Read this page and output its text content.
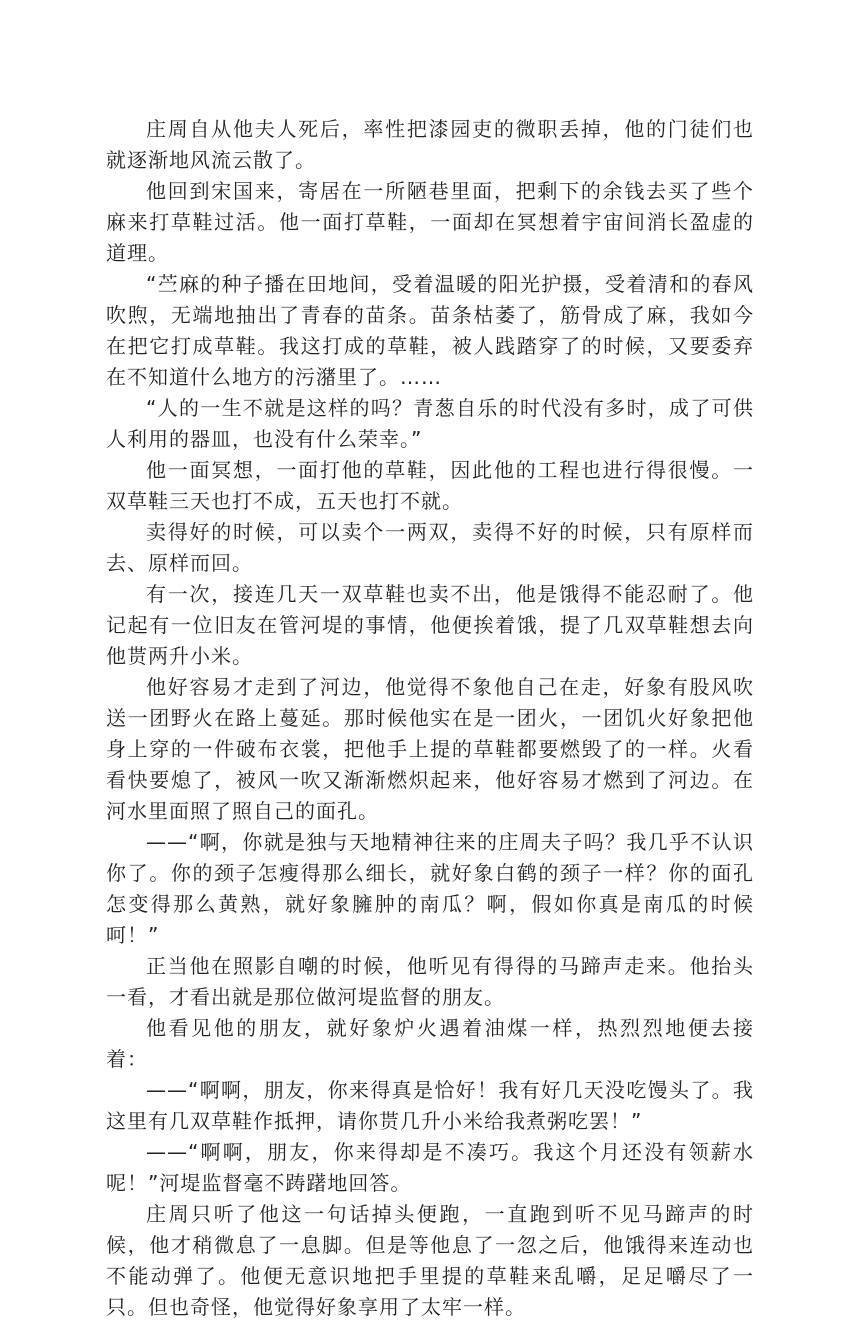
庄周自从他夫人死后，率性把漆园吏的微职丢掉，他的门徒们也就逐渐地风流云散了。

他回到宋国来，寄居在一所陋巷里面，把剩下的余钱去买了些个麻来打草鞋过活。他一面打草鞋，一面却在冥想着宇宙间消长盈虚的道理。

“苎麻的种子播在田地间，受着温暖的阳光护摄，受着清和的春风吹煦，无端地抽出了青春的苗条。苗条枯萎了，筋骨成了麻，我如今在把它打成草鞋。我这打成的草鞋，被人践踏穿了的时候，又要委弃在不知道什么地方的污潴里了。……

“人的一生不就是这样的吗？青葱自乐的时代没有多时，成了可供人利用的器皿，也没有什么荣幸。”

他一面冥想，一面打他的草鞋，因此他的工程也进行得很慢。一双草鞋三天也打不成，五天也打不就。

卖得好的时候，可以卖个一两双，卖得不好的时候，只有原样而去、原样而回。

有一次，接连几天一双草鞋也卖不出，他是饿得不能忍耐了。他记起有一位旧友在管河堤的事情，他便挨着饿，提了几双草鞋想去向他贳两升小米。

他好容易才走到了河边，他觉得不象他自己在走，好象有股风吹送一团野火在路上蔓延。那时候他实在是一团火，一团饥火好象把他身上穿的一件破布衣裳，把他手上提的草鞋都要燃毁了的一样。火看看快要熄了，被风一吹又渐渐燃炽起来，他好容易才燃到了河边。在河水里面照了照自己的面孔。

——“啊，你就是独与天地精神往来的庄周夫子吗？我几乎不认识你了。你的颈子怎瘦得那么细长，就好象白鹤的颈子一样？你的面孔怎变得那么黄熟，就好象臃肿的南瓜？啊，假如你真是南瓜的时候呵！”

正当他在照影自嘲的时候，他听见有得得的马蹄声走来。他抬头一看，才看出就是那位做河堤监督的朋友。

他看见他的朋友，就好象炉火遇着油煤一样，热烈烈地便去接着：

——“啊啊，朋友，你来得真是恰好！我有好几天没吃馒头了。我这里有几双草鞋作抵押，请你贳几升小米给我煮粥吃罢！”

——“啊啊，朋友，你来得却是不凑巧。我这个月还没有领薪水呢！”河堤监督毫不踌躇地回答。

庄周只听了他这一句话掉头便跑，一直跑到听不见马蹄声的时候，他才稍微息了一息脚。但是等他息了一忽之后，他饿得来连动也不能动弹了。他便无意识地把手里提的草鞋来乱嚼，足足嚼尽了一只。但也奇怪，他觉得好象享用了太牢一样。
